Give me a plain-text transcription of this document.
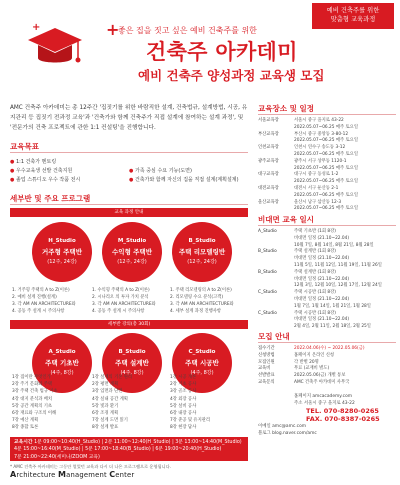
예비 건축주를 위한
맞춤형 교육과정
+	+
좋은 집을 짓고 싶은 예비 건축주를 위한
건축주 아카데미
예비 건축주 양성과정 교육생 모집
AMC 건축주 아카데미는 총 12주간 '집짓기를 위한 바람직한 설계, 건축법규, 설계방법, 시공, 유지관리 등 집짓기 전과정 교육'과 '건축가와 함께 건축주가 직접 설계에 참여하는 설계 과정', 및 '전문가의 건축 프로젝트에 관한 1:1 컨설팅'을 진행합니다.
교육목표
● 1:1 건축가 멘토링
● 우수교육생 선발 건축지원	● 가족 중심 수요 기능(도면)
● 졸업 스튜디오 우수 작품 전시	● 건축가와 함께 자신의 집을 직접 설계(계획설계)
세부반 및 주요 프로그램
교육 과정 안내
H_Studio
거주형 주택반
(12주, 24강)
M_Studio
수익형 주택반
(12주, 24강)
B_Studio
주택 리모델링반
(12주, 24강)
1. 거주형 주택의 A to Z(이론)
2. 예비 설계 진행(설계)
3. 각 AM AN ARCHITECTURE와
4. 공동 주 설계 시 주의사항
1. 수익형 주택의 A to Z(이론)
2. 시나리오 의 투자 가치 분석
3. 각 AM AN ARCHITECTURE와
4. 공동 주 설계 시 주의사항
1. 주택 리모델링의 A to Z(이론)
2. 리모델링 수요 분석(고객)
3. 각 AM AN ARCHITECTURE와
4. 세부 설계 과정 진행사항
세부반 강의(총 30회)
A_Studio
주택 기초반
(4주, 8강)
B_Studio
주택 설계반
(4주, 8강)
C_Studio
주택 시공반
(4주, 8강)
1강 집이란 무엇인가
2강 주거 문화와 주택
3강 주택 건축 법규 기초
4강 대지 분석과 배치
5강 공간 계획의 기초
6강 재료와 구조의 이해
7강 예산 계획
8강 종합 토론
1강 설계의 기본 원리
2강 평면 계획
3강 입면과 단면
4강 실내 공간 계획
5강 빛과 환기
6강 조경 계획
7강 설계 도면 읽기
8강 설계 발표
1강 시공 개론
2강 기초 공사
3강 골조 공사
4강 외장 공사
5강 설비 공사
6강 내장 공사
7강 준공 및 유지관리
8강 현장 답사
교육시간 1분 09:00~10:40(H_Studio) | 2분 11:00~12:40(H_Studio) | 3분 13:00~14:40(M_Studio)
4분 15:00~16:40(M_Studio) | 5분 17:00~18:40(B_Studio) | 6분 19:00~20:40(H_Studio)
7분 21:00~22:40(세미나/ZOOM 교육)
* AMC 건축주 아카데미는 그동안 열었던 교육과 다시 더 나은 프로그램으로 운영됩니다.
Architecture Management Center
교육장소 및 일정
서울교육장	서울시 중구 을지로 43-22
2022.05.07~06.25 매주 토요일
부산교육장	부산시 중구 중앙동 3-80-12
2022.05.07~06.25 매주 토요일
인천교육장	인천시 연수구 송도동 3-12
2022.05.07~06.25 매주 토요일
광주교육장	광주시 서구 상무동 1120-1
2022.05.07~06.25 매주 토요일
대구교육장	대구시 중구 동성로 1-2
2022.05.07~06.25 매주 토요일
대전교육장	대전시 서구 둔산동 2-1
2022.05.07~06.25 매주 토요일
울산교육장	울산시 남구 삼산동 12-3
2022.05.07~06.25 매주 토요일
비대면 교육 일시
A_Studio	주택 기초반 (1회 8강)
비대면 일정 (21.10~22.04)
10월 7일, 8월 14일, 8월 21일, 8월 28일
B_Studio	주택 설계반 (1회 8강)
비대면 일정 (21.10~22.04)
11월 5일, 11월 12일, 11월 19일, 11월 26일
B_Studio	주택 설계반 (1회 8강)
비대면 일정 (21.10~22.04)
12월 3일, 12월 10일, 12월 17일, 12월 24일
C_Studio	주택 시공반 (1회 8강)
비대면 일정 (21.10~22.04)
1월 7일, 1월 14일, 1월 21일, 1월 28일
C_Studio	주택 시공반 (1회 8강)
비대면 일정 (21.10~22.04)
2월 4일, 2월 11일, 2월 18일, 2월 25일
모집 안내
접수기간	2022.04.06(수) ~ 2022.05.06(금)
신청방법	홈페이지 온라인 신청
모집인원	각 반별 20명
교육비	무료 (교재비 별도)
선발발표	2022.05.06(금) 개별 통보
교육문의	AMC 건축주 아카데미 사무국
홈페이지 amcacademy.com
주소 서울시 중구 을지로 43-22
TEL. 070-8280-0265
FAX. 070-8387-0265
이메일 amc@amc.com
블로그 blog.naver.com/amc
